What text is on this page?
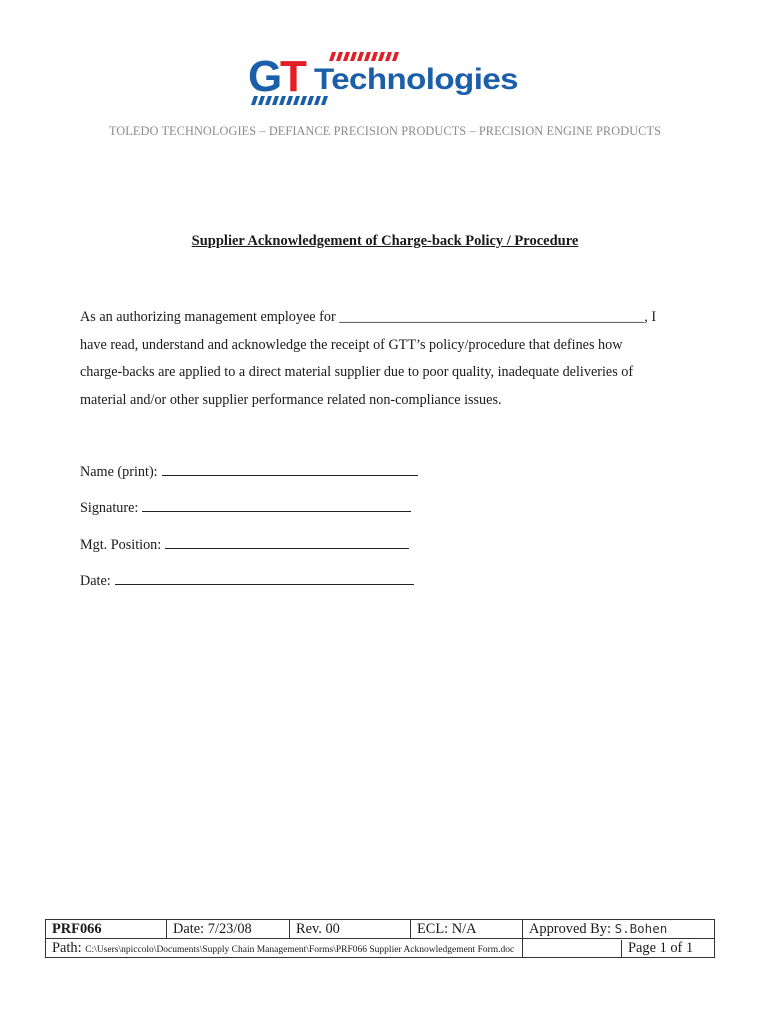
G
T Technologies
TOLEDO TECHNOLOGIES – DEFIANCE PRECISION PRODUCTS – PRECISION ENGINE PRODUCTS
Supplier Acknowledgement of Charge-back Policy / Procedure

As an authorizing management employee for ___________________________________________, I
have read, understand and acknowledge the receipt of GTT’s policy/procedure that defines how
charge-backs are applied to a direct material supplier due to poor quality, inadequate deliveries of
material and/or other supplier performance related non-compliance issues.

Name (print):
Signature:
Mgt. Position:
Date:
PRF066	Date: 7/23/08	Rev. 00	ECL: N/A	Approved By: S.Bohen
Path: C:\Users\npiccolo\Documents\Supply Chain Management\Forms\PRF066 Supplier Acknowledgement Form.doc				Page 1 of 1
